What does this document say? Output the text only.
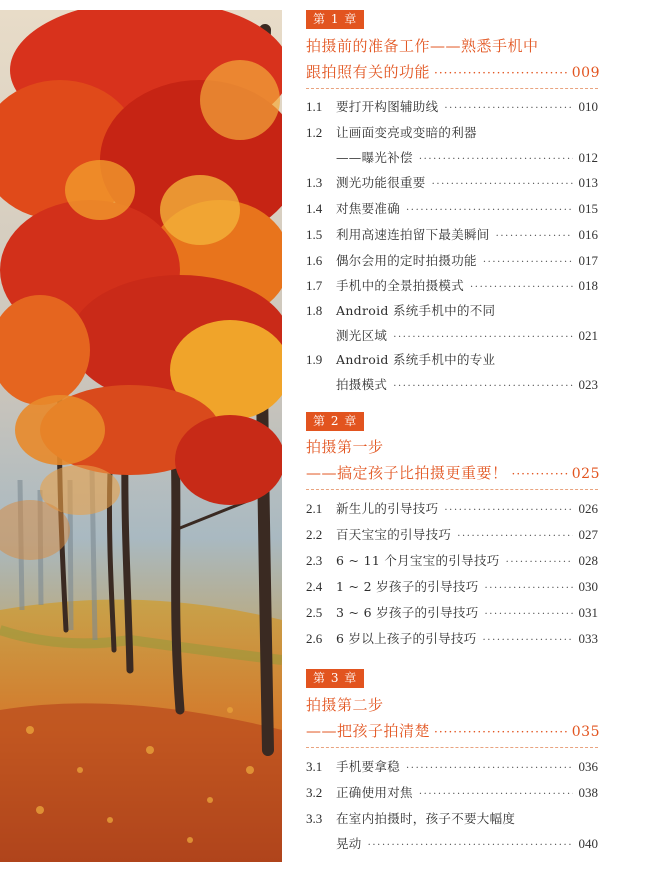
第 1 章
拍摄前的准备工作——熟悉手机中
跟拍照有关的功能 ·····	009
1.1	要打开构图辅助线 ·····	010
1.2	让画面变亮或变暗的利器
——曝光补偿 ·····	012
1.3	测光功能很重要 ·····	013
1.4	对焦要准确 ·····	015
1.5	利用高速连拍留下最美瞬间 ·····	016
1.6	偶尔会用的定时拍摄功能 ·····	017
1.7	手机中的全景拍摄模式 ·····	018
1.8	Android 系统手机中的不同
测光区域 ·····	021
1.9	Android 系统手机中的专业
拍摄模式 ·····	023
第 2 章
拍摄第一步
——搞定孩子比拍摄更重要！ ·····	025
2.1	新生儿的引导技巧 ·····	026
2.2	百天宝宝的引导技巧 ·····	027
2.3	6 ~ 11 个月宝宝的引导技巧 ·····	028
2.4	1 ~ 2 岁孩子的引导技巧 ·····	030
2.5	3 ~ 6 岁孩子的引导技巧 ·····	031
2.6	6 岁以上孩子的引导技巧 ·····	033
第 3 章
拍摄第二步
——把孩子拍清楚 ·····	035
3.1	手机要拿稳 ·····	036
3.2	正确使用对焦 ·····	038
3.3	在室内拍摄时，孩子不要大幅度
晃动 ·····	040
